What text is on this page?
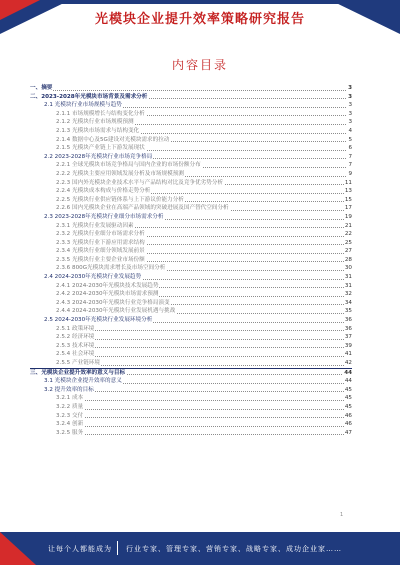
光模块企业提升效率策略研究报告
内容目录
一、摘要	3
二、2023-2028年光模块市场背景及需求分析	3
2.1 光模块行业市场规模与趋势	3
2.1.1 市场规模增长与结构变化分析	3
2.1.2 光模块行业市场规模预测	3
2.1.3 光模块市场需求与结构变化	4
2.1.4 数据中心及5G建设对光模块需求的拉动	5
2.1.5 光模块产业链上下游发展现状	6
2.2 2023-2028年光模块行业市场竞争格局	7
2.2.1 全球光模块市场竞争格局与国内企业的市场份额分布	7
2.2.2 光模块主要应用领域发展分析及市场规模预测	9
2.2.3 国内外光模块企业技术水平与产品结构对比及竞争优劣势分析	11
2.2.4 光模块成本构成与价格走势分析	13
2.2.5 光模块行业供应链体系与上下游议价能力分析	15
2.2.6 国内光模块企业在高端产品领域的突破进展及国产替代空间分析	17
2.3 2023-2028年光模块行业细分市场需求分析	19
2.3.1 光模块行业发展驱动因素	21
2.3.2 光模块行业细分市场需求分析	22
2.3.3 光模块行业下游应用需求结构	25
2.3.4 光模块行业细分领域发展前景	27
2.3.5 光模块行业主要企业市场份额	28
2.3.6 800G光模块需求增长及市场空间分析	30
2.4 2024-2030年光模块行业发展趋势	31
2.4.1 2024-2030年光模块技术发展趋势	31
2.4.2 2024-2030年光模块市场需求预测	32
2.4.3 2024-2030年光模块行业竞争格局演变	34
2.4.4 2024-2030年光模块行业发展机遇与挑战	35
2.5 2024-2030年光模块行业发展环境分析	36
2.5.1 政策环境	36
2.5.2 经济环境	37
2.5.3 技术环境	39
2.5.4 社会环境	41
2.5.5 产业链环境	42
三、光模块企业提升效率的意义与目标	44
3.1 光模块企业提升效率的意义	44
3.2 提升效率的目标	45
3.2.1 成本	45
3.2.2 质量	45
3.2.3 交付	46
3.2.4 创新	46
3.2.5 服务	47
1
让每个人都能成为 行业专家、管理专家、营销专家、战略专家、成功企业家……
